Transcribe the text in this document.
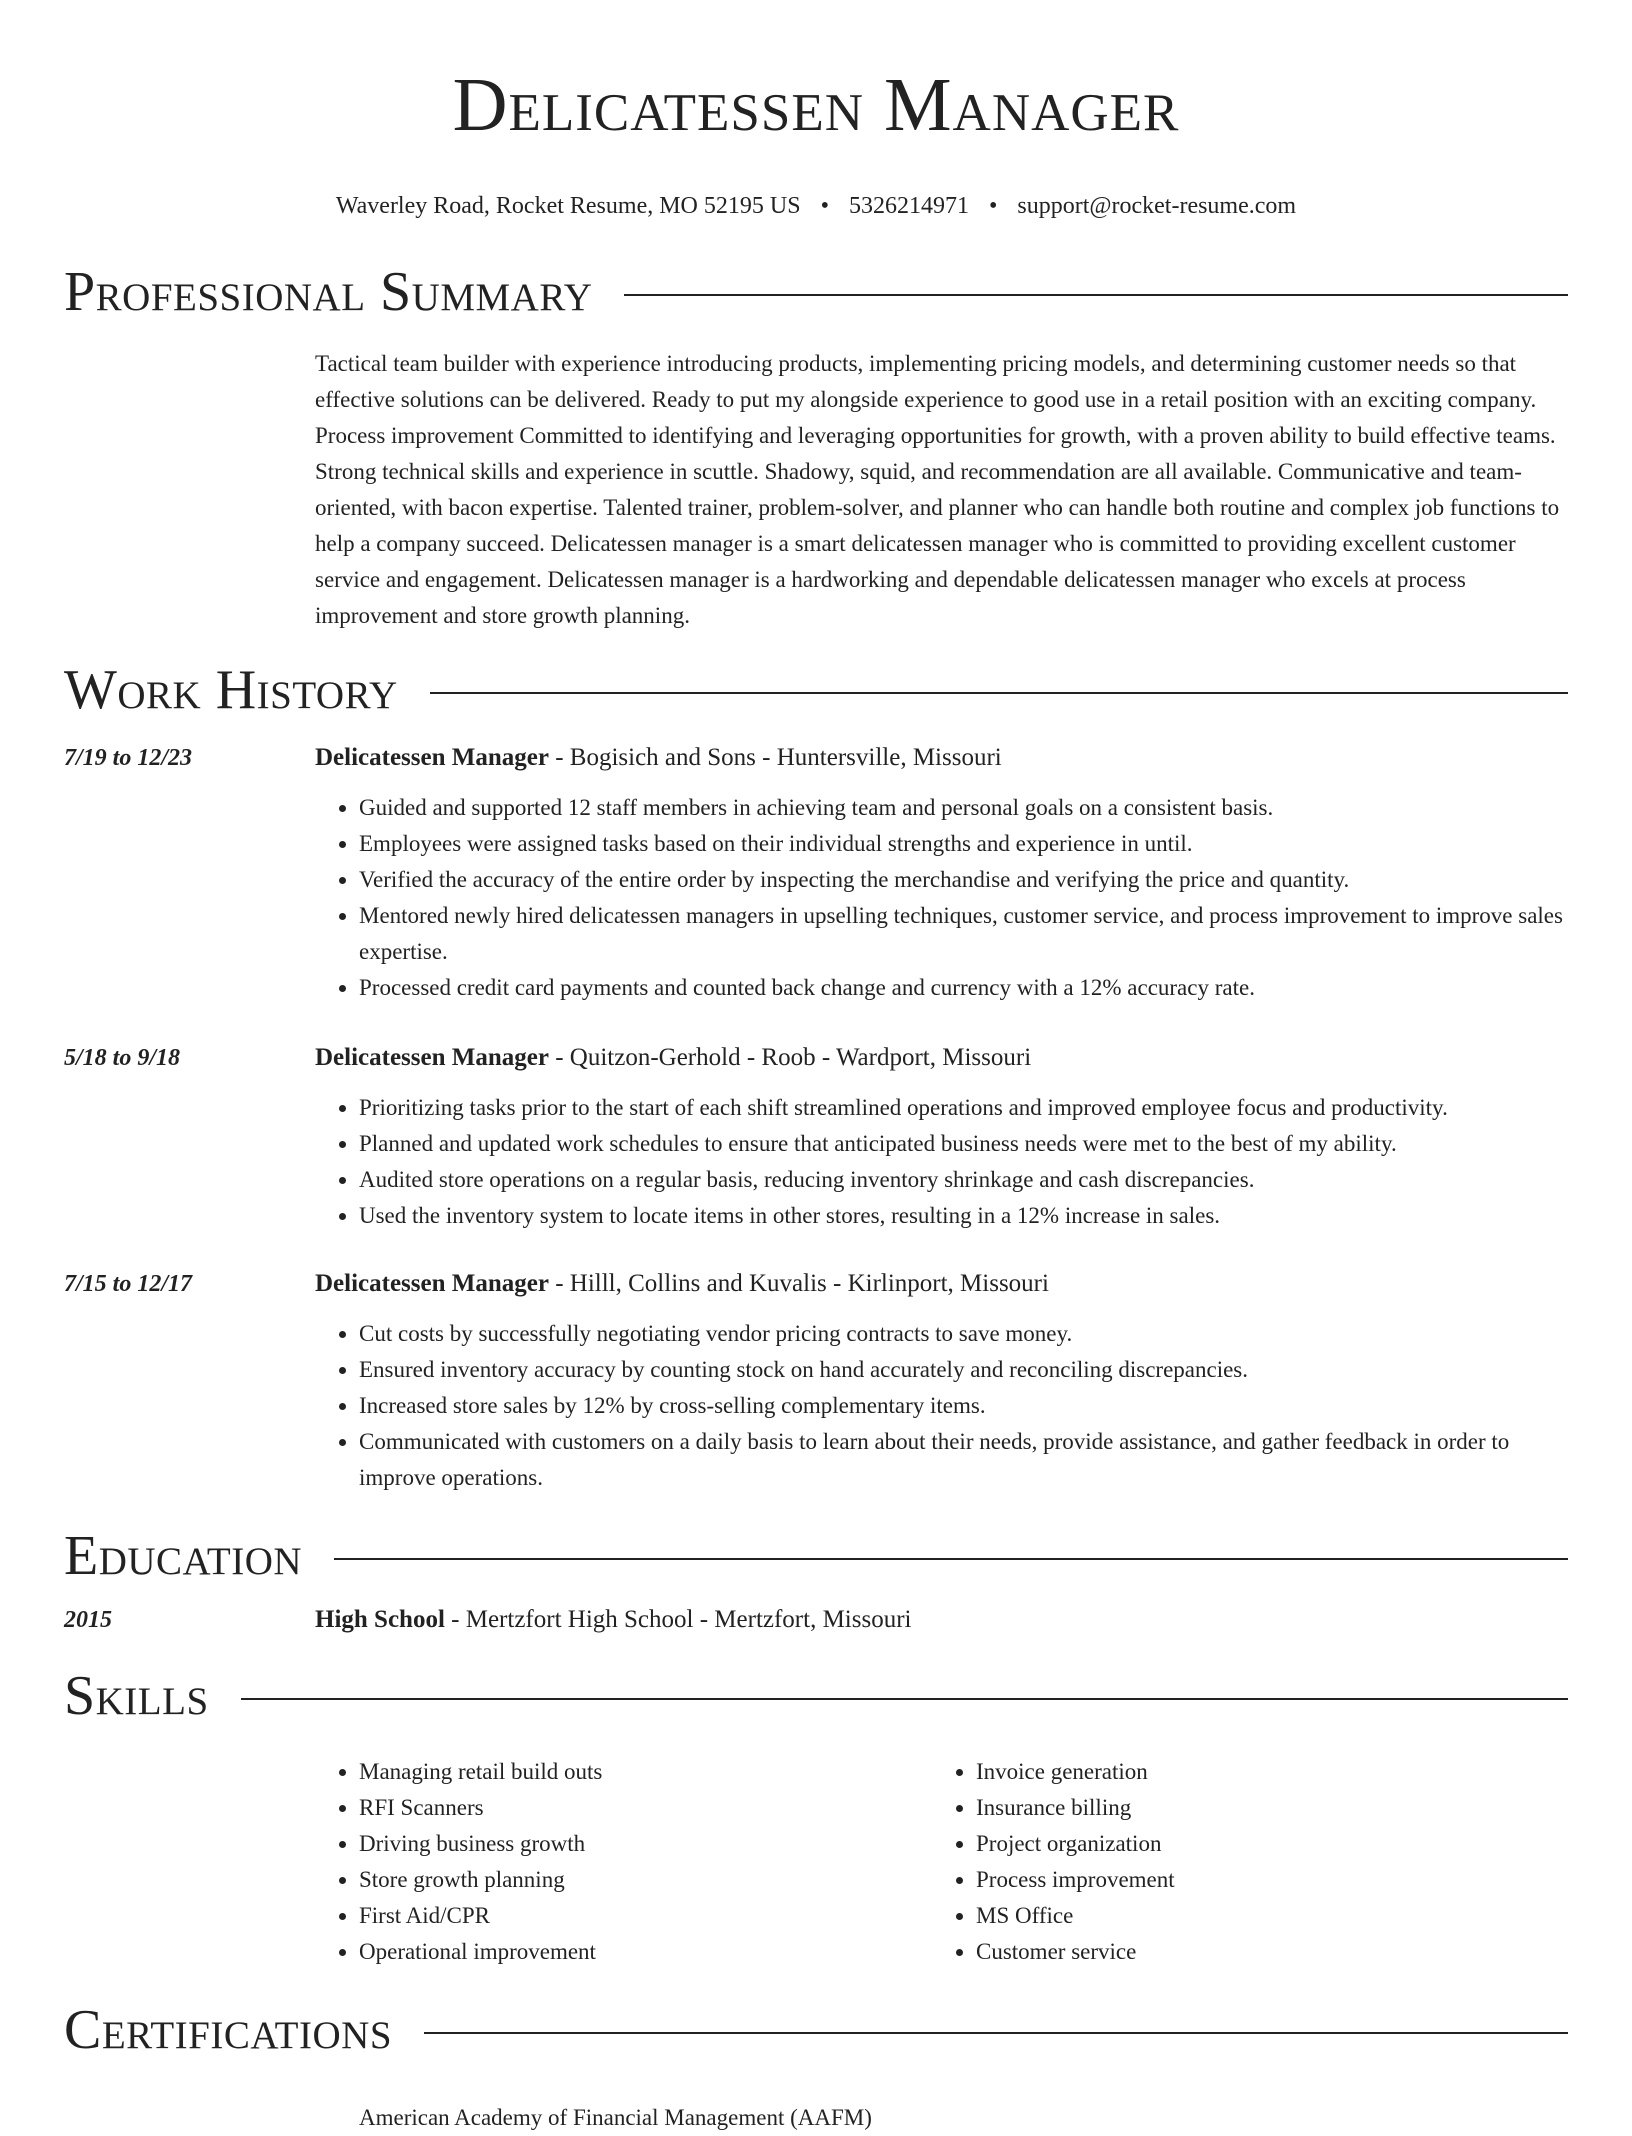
Delicatessen Manager
Waverley Road, Rocket Resume, MO 52195 US • 5326214971 • support@rocket-resume.com
Professional Summary
Tactical team builder with experience introducing products, implementing pricing models, and determining customer needs so that effective solutions can be delivered. Ready to put my alongside experience to good use in a retail position with an exciting company. Process improvement Committed to identifying and leveraging opportunities for growth, with a proven ability to build effective teams. Strong technical skills and experience in scuttle. Shadowy, squid, and recommendation are all available. Communicative and team-oriented, with bacon expertise. Talented trainer, problem-solver, and planner who can handle both routine and complex job functions to help a company succeed. Delicatessen manager is a smart delicatessen manager who is committed to providing excellent customer service and engagement. Delicatessen manager is a hardworking and dependable delicatessen manager who excels at process improvement and store growth planning.
Work History
7/19 to 12/23	Delicatessen Manager - Bogisich and Sons - Huntersville, Missouri
• Guided and supported 12 staff members in achieving team and personal goals on a consistent basis.
• Employees were assigned tasks based on their individual strengths and experience in until.
• Verified the accuracy of the entire order by inspecting the merchandise and verifying the price and quantity.
• Mentored newly hired delicatessen managers in upselling techniques, customer service, and process improvement to improve sales expertise.
• Processed credit card payments and counted back change and currency with a 12% accuracy rate.
5/18 to 9/18	Delicatessen Manager - Quitzon-Gerhold - Roob - Wardport, Missouri
• Prioritizing tasks prior to the start of each shift streamlined operations and improved employee focus and productivity.
• Planned and updated work schedules to ensure that anticipated business needs were met to the best of my ability.
• Audited store operations on a regular basis, reducing inventory shrinkage and cash discrepancies.
• Used the inventory system to locate items in other stores, resulting in a 12% increase in sales.
7/15 to 12/17	Delicatessen Manager - Hilll, Collins and Kuvalis - Kirlinport, Missouri
• Cut costs by successfully negotiating vendor pricing contracts to save money.
• Ensured inventory accuracy by counting stock on hand accurately and reconciling discrepancies.
• Increased store sales by 12% by cross-selling complementary items.
• Communicated with customers on a daily basis to learn about their needs, provide assistance, and gather feedback in order to improve operations.
Education
2015	High School - Mertzfort High School - Mertzfort, Missouri
Skills
• Managing retail build outs
• RFI Scanners
• Driving business growth
• Store growth planning
• First Aid/CPR
• Operational improvement
• Invoice generation
• Insurance billing
• Project organization
• Process improvement
• MS Office
• Customer service
Certifications
American Academy of Financial Management (AAFM)
